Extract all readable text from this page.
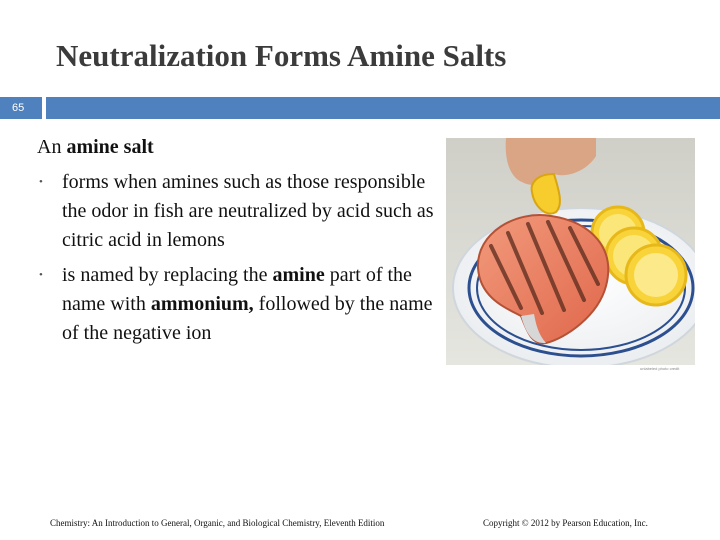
Neutralization Forms Amine Salts
65

An amine salt

• forms when amines such as those responsible the odor in fish are neutralized by acid such as citric acid in lemons
• is named by replacing the amine part of the name with ammonium, followed by the name of the negative ion
unlabeled photo credit
Chemistry: An Introduction to General, Organic, and Biological Chemistry, Eleventh Edition	Copyright © 2012 by Pearson Education, Inc.
